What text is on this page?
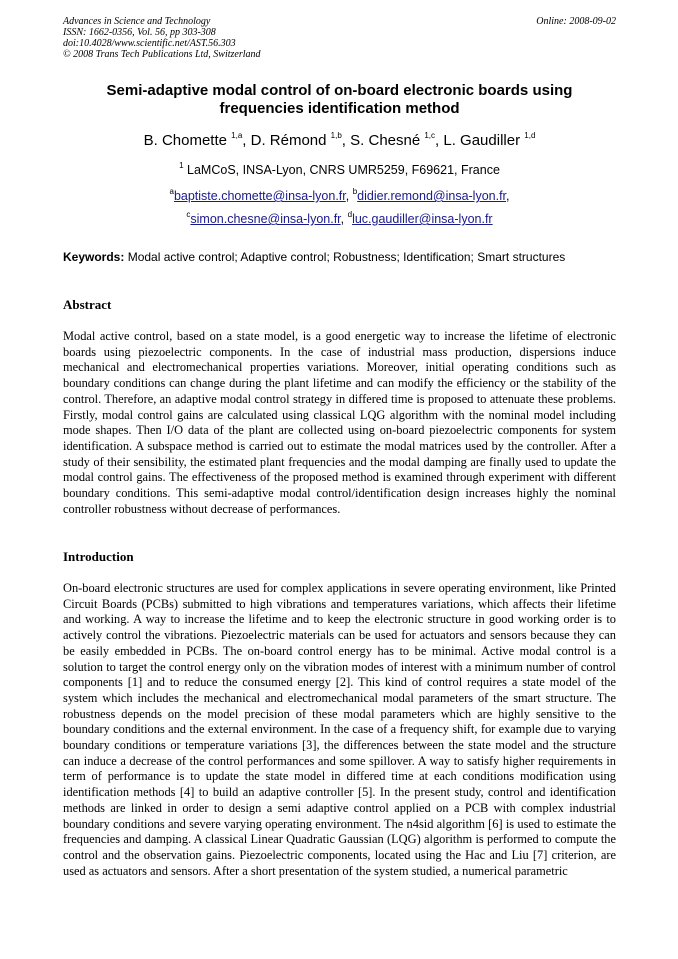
Advances in Science and Technology
ISSN: 1662-0356, Vol. 56, pp 303-308
doi:10.4028/www.scientific.net/AST.56.303
© 2008 Trans Tech Publications Ltd, Switzerland
Online: 2008-09-02
Semi-adaptive modal control of on-board electronic boards using frequencies identification method
B. Chomette $^{1,a}$, D. Rémond $^{1,b}$, S. Chesné $^{1,c}$, L. Gaudiller $^{1,d}$
$^1$ LaMCoS, INSA-Lyon, CNRS UMR5259, F69621, France
$^a$baptiste.chomette@insa-lyon.fr, $^b$didier.remond@insa-lyon.fr,
$^c$simon.chesne@insa-lyon.fr, $^d$luc.gaudiller@insa-lyon.fr
Keywords: Modal active control; Adaptive control; Robustness; Identification; Smart structures
Abstract
Modal active control, based on a state model, is a good energetic way to increase the lifetime of electronic boards using piezoelectric components. In the case of industrial mass production, dispersions induce mechanical and electromechanical properties variations. Moreover, initial operating conditions such as boundary conditions can change during the plant lifetime and can modify the efficiency or the stability of the control. Therefore, an adaptive modal control strategy in differed time is proposed to attenuate these problems. Firstly, modal control gains are calculated using classical LQG algorithm with the nominal model including mode shapes. Then I/O data of the plant are collected using on-board piezoelectric components for system identification. A subspace method is carried out to estimate the modal matrices used by the controller. After a study of their sensibility, the estimated plant frequencies and the modal damping are finally used to update the modal control gains. The effectiveness of the proposed method is examined through experiment with different boundary conditions. This semi-adaptive modal control/identification design increases highly the nominal controller robustness without decrease of performances.
Introduction
On-board electronic structures are used for complex applications in severe operating environment, like Printed Circuit Boards (PCBs) submitted to high vibrations and temperatures variations, which affects their lifetime and working. A way to increase the lifetime and to keep the electronic structure in good working order is to actively control the vibrations. Piezoelectric materials can be used for actuators and sensors because they can be easily embedded in PCBs. The on-board control energy has to be minimal. Active modal control is a solution to target the control energy only on the vibration modes of interest with a minimum number of control components [1] and to reduce the consumed energy [2]. This kind of control requires a state model of the system which includes the mechanical and electromechanical modal parameters of the smart structure. The robustness depends on the model precision of these modal parameters which are highly sensitive to the boundary conditions and the external environment. In the case of a frequency shift, for example due to varying boundary conditions or temperature variations [3], the differences between the state model and the structure can induce a decrease of the control performances and some spillover. A way to satisfy higher requirements in term of performance is to update the state model in differed time at each conditions modification using identification methods [4] to build an adaptive controller [5]. In the present study, control and identification methods are linked in order to design a semi adaptive control applied on a PCB with complex industrial boundary conditions and severe varying operating environment. The n4sid algorithm [6] is used to estimate the frequencies and damping. A classical Linear Quadratic Gaussian (LQG) algorithm is performed to compute the control and the observation gains. Piezoelectric components, located using the Hac and Liu [7] criterion, are used as actuators and sensors. After a short presentation of the system studied, a numerical parametric
